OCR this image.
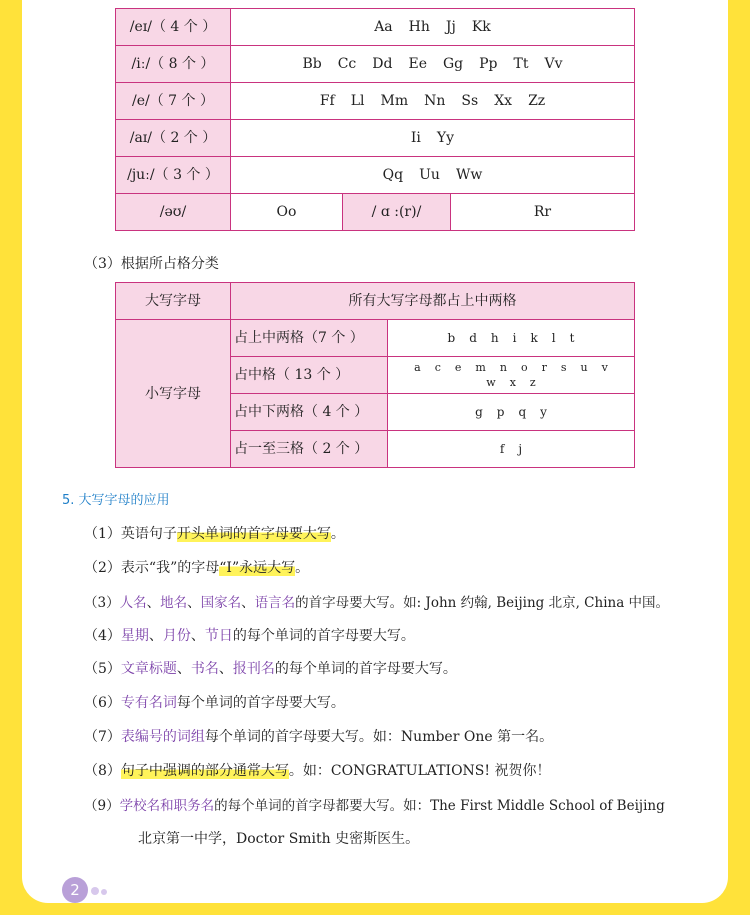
/eɪ/（ 4 个 ）	Aa Hh Jj Kk		
/iː/（ 8 个 ）	Bb Cc Dd Ee Gg Pp Tt Vv		
/e/（ 7 个 ）	Ff Ll Mm Nn Ss Xx Zz		
/aɪ/（ 2 个 ）	Ii Yy		
/juː/（ 3 个 ）	Qq Uu Ww		
/əʊ/	Oo	/ ɑ :(r)/	Rr
（3）根据所占格分类
大写字母	所有大写字母都占上中两格	
小写字母	占上中两格（7 个 ）	b d h i k l t
	占中格（ 13 个 ）	a c e m n o r s u v
w x z

	占中下两格（ 4 个 ）	g p q y
	占一至三格（ 2 个 ）	f j
5. 大写字母的应用
（1）英语句子开头单词的首字母要大写。
（2）表示“我”的字母“I”永远大写。
（3）人名、地名、国家名、语言名的首字母要大写。如: John 约翰, Beijing 北京, China 中国。
（4）星期、月份、节日的每个单词的首字母要大写。
（5）文章标题、书名、报刊名的每个单词的首字母要大写。
（6）专有名词每个单词的首字母要大写。
（7）表编号的词组每个单词的首字母要大写。如：Number One 第一名。
（8）句子中强调的部分通常大写。如：CONGRATULATIONS! 祝贺你！
（9）学校名和职务名的每个单词的首字母都要大写。如：The First Middle School of Beijing
北京第一中学，Doctor Smith 史密斯医生。
2
